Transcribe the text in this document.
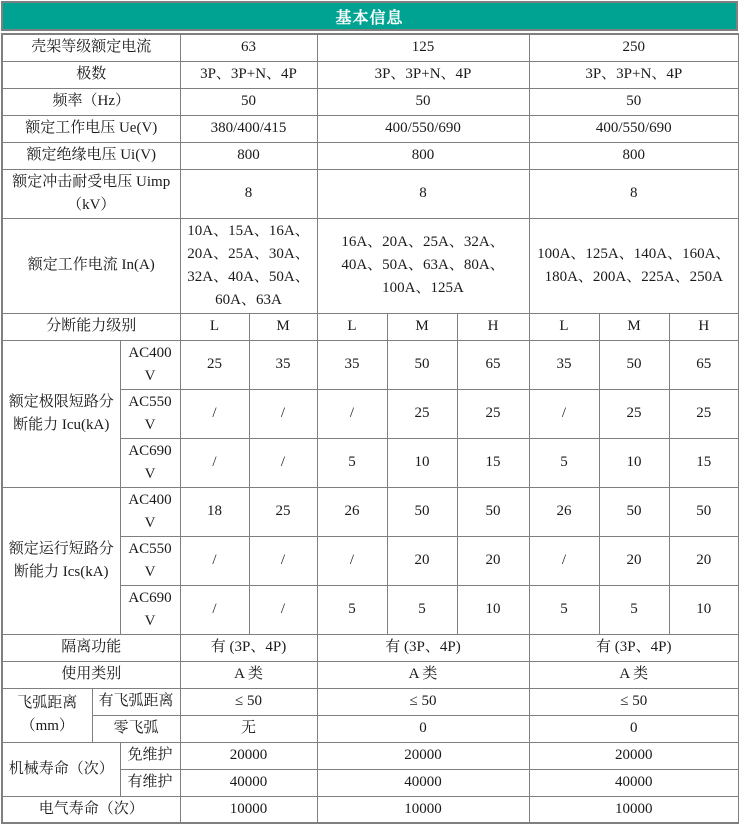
基本信息
壳架等级额定电流			63		125			250		
极数			3P、3P+N、4P		3P、3P+N、4P			3P、3P+N、4P		
频率（Hz）			50		50			50		
额定工作电压 Ue(V)			380/400/415		400/550/690			400/550/690		
额定绝缘电压 Ui(V)			800		800			800		
额定冲击耐受电压 Uimp（kV）			8		8			8		
额定工作电流 In(A)			10A、15A、16A、20A、25A、30A、32A、40A、50A、60A、63A		16A、20A、25A、32A、40A、50A、63A、80A、100A、125A			100A、125A、140A、160A、180A、200A、225A、250A		
分断能力级别			L	M	L	M	H	L	M	H
额定极限短路分断能力 Icu(kA)		AC400V	25	35	35	50	65	35	50	65
		AC550V	/	/	/	25	25	/	25	25
		AC690V	/	/	5	10	15	5	10	15
额定运行短路分断能力 Ics(kA)		AC400V	18	25	26	50	50	26	50	50
		AC550V	/	/	/	20	20	/	20	20
		AC690V	/	/	5	5	10	5	5	10
隔离功能			有 (3P、4P)		有 (3P、4P)			有 (3P、4P)		
使用类别			A 类		A 类			A 类		
飞弧距离（mm）	有飞弧距离		≤ 50		≤ 50			≤ 50		
	零飞弧		无		0			0		
机械寿命（次）		免维护	20000		20000			20000		
		有维护	40000		40000			40000		
电气寿命（次）			10000		10000			10000		
